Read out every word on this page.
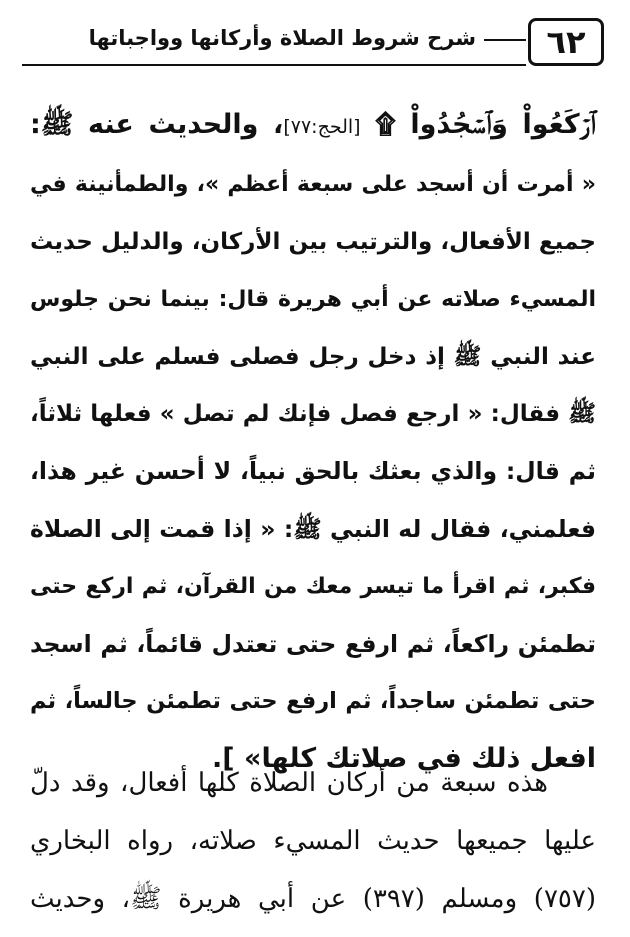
٦٢
شرح شروط الصلاة وأركانها وواجباتها
ٱرۡكَعُواْ وَٱسۡجُدُواْ ۩ [الحج:٧٧]، والحديث عنه ﷺ:
« أمرت أن أسجد على سبعة أعظم »، والطمأنينة في
جميع الأفعال، والترتيب بين الأركان، والدليل حديث
المسيء صلاته عن أبي هريرة قال: بينما نحن جلوس
عند النبي ﷺ إذ دخل رجل فصلى فسلم على النبي
ﷺ فقال: « ارجع فصل فإنك لم تصل » فعلها ثلاثاً،
ثم قال: والذي بعثك بالحق نبياً، لا أحسن غير هذا،
فعلمني، فقال له النبي ﷺ: « إذا قمت إلى الصلاة
فكبر، ثم اقرأ ما تيسر معك من القرآن، ثم اركع حتى
تطمئن راكعاً، ثم ارفع حتى تعتدل قائماً، ثم اسجد
حتى تطمئن ساجداً، ثم ارفع حتى تطمئن جالساً، ثم
افعل ذلك في صلاتك كلها» ].
هذه سبعة من أركان الصلاة كلها أفعال، وقد دلّ
عليها جميعها حديث المسيء صلاته، رواه البخاري
(٧٥٧) ومسلم (٣٩٧) عن أبي هريرة ﷺ، وحديث
